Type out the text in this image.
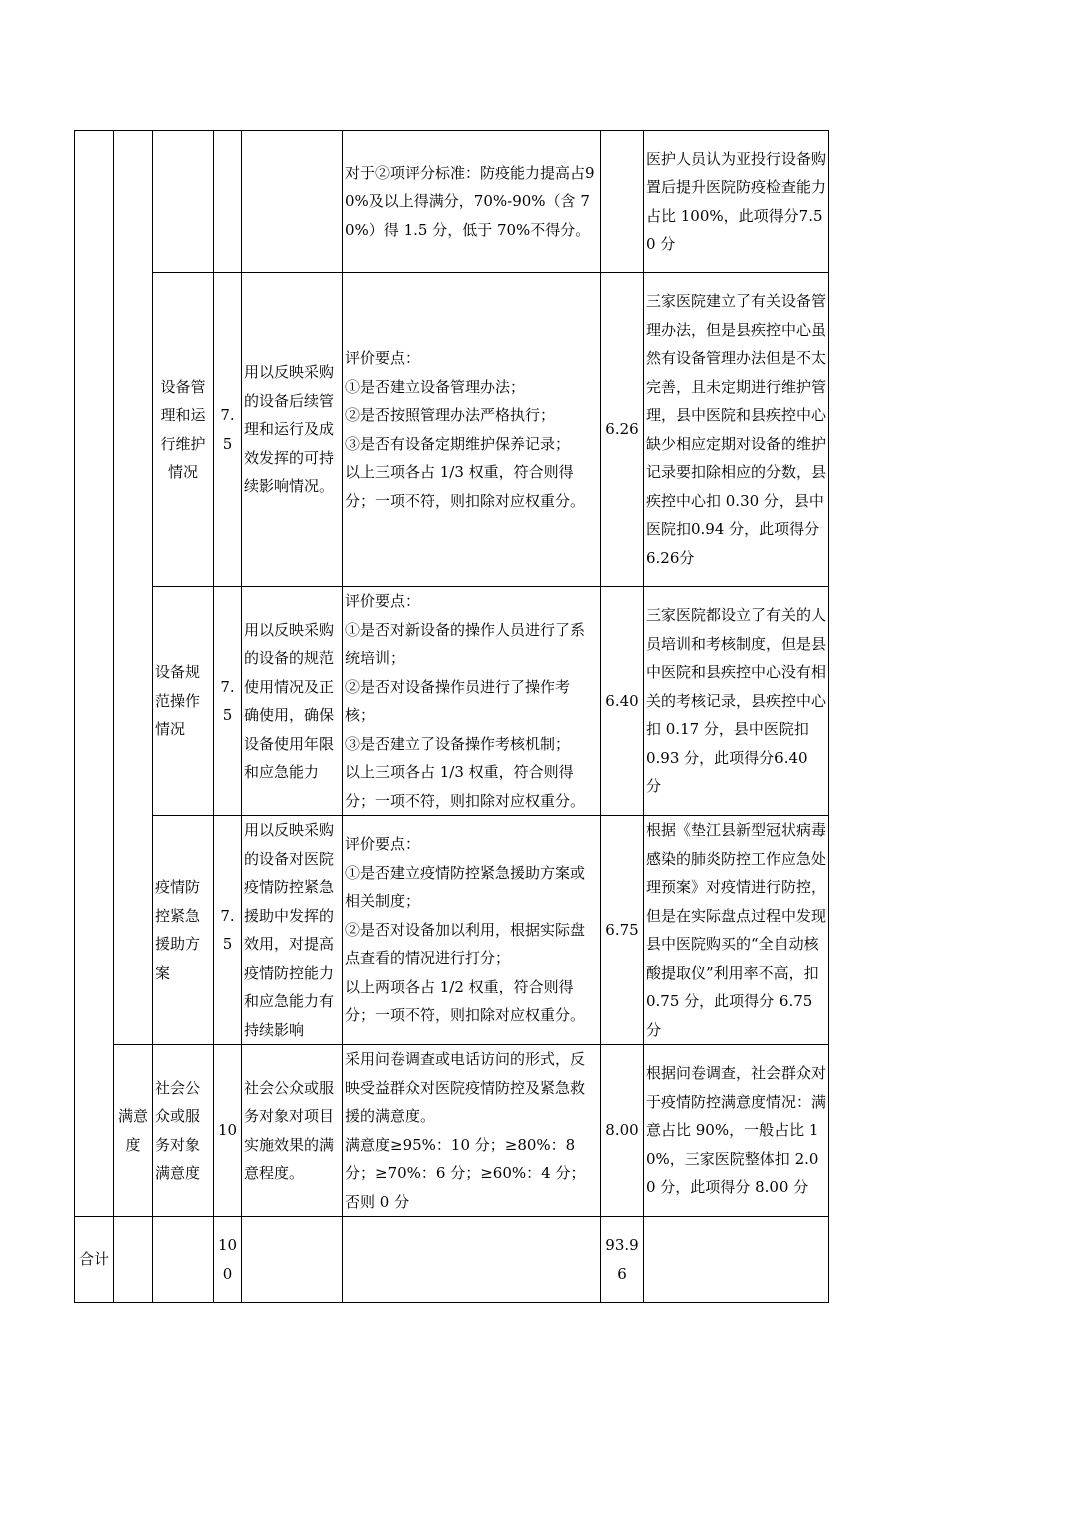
					对于②项评分标准：防疫能力提高占90%及以上得满分，70%-90%（含 70%）得 1.5 分，低于 70%不得分。		医护人员认为亚投行设备购置后提升医院防疫检查能力占比 100%，此项得分7.50 分
		设备管理和运行维护情况	7.5	用以反映采购的设备后续管理和运行及成效发挥的可持续影响情况。	评价要点：
①是否建立设备管理办法；
②是否按照管理办法严格执行；
③是否有设备定期维护保养记录；
以上三项各占 1/3 权重，符合则得分；一项不符，则扣除对应权重分。	6.26	三家医院建立了有关设备管理办法，但是县疾控中心虽然有设备管理办法但是不太完善，且未定期进行维护管理，县中医院和县疾控中心缺少相应定期对设备的维护记录要扣除相应的分数，县疾控中心扣 0.30 分，县中医院扣0.94 分，此项得分 6.26分
		设备规范操作情况	7.5	用以反映采购的设备的规范使用情况及正确使用，确保设备使用年限和应急能力	评价要点：
①是否对新设备的操作人员进行了系统培训；
②是否对设备操作员进行了操作考核；
③是否建立了设备操作考核机制；
以上三项各占 1/3 权重，符合则得分；一项不符，则扣除对应权重分。	6.40	三家医院都设立了有关的人员培训和考核制度，但是县中医院和县疾控中心没有相关的考核记录，县疾控中心扣 0.17 分，县中医院扣 0.93 分，此项得分6.40 分
		疫情防控紧急援助方案	7.5	用以反映采购的设备对医院疫情防控紧急援助中发挥的效用，对提高疫情防控能力和应急能力有持续影响	评价要点：
①是否建立疫情防控紧急援助方案或相关制度；
②是否对设备加以利用，根据实际盘点查看的情况进行打分；
以上两项各占 1/2 权重，符合则得分；一项不符，则扣除对应权重分。	6.75	根据《垫江县新型冠状病毒感染的肺炎防控工作应急处理预案》对疫情进行防控，但是在实际盘点过程中发现县中医院购买的“全自动核酸提取仪”利用率不高，扣 0.75 分，此项得分 6.75 分
	满意度	社会公众或服务对象满意度	10	社会公众或服务对象对项目实施效果的满意程度。	采用问卷调查或电话访问的形式，反映受益群众对医院疫情防控及紧急救援的满意度。
满意度≥95%：10 分；≥80%：8 分；≥70%：6 分；≥60%：4 分；否则 0 分	8.00	根据问卷调查，社会群众对于疫情防控满意度情况：满意占比 90%，一般占比 10%，三家医院整体扣 2.00 分，此项得分 8.00 分
合计			100			93.96	
